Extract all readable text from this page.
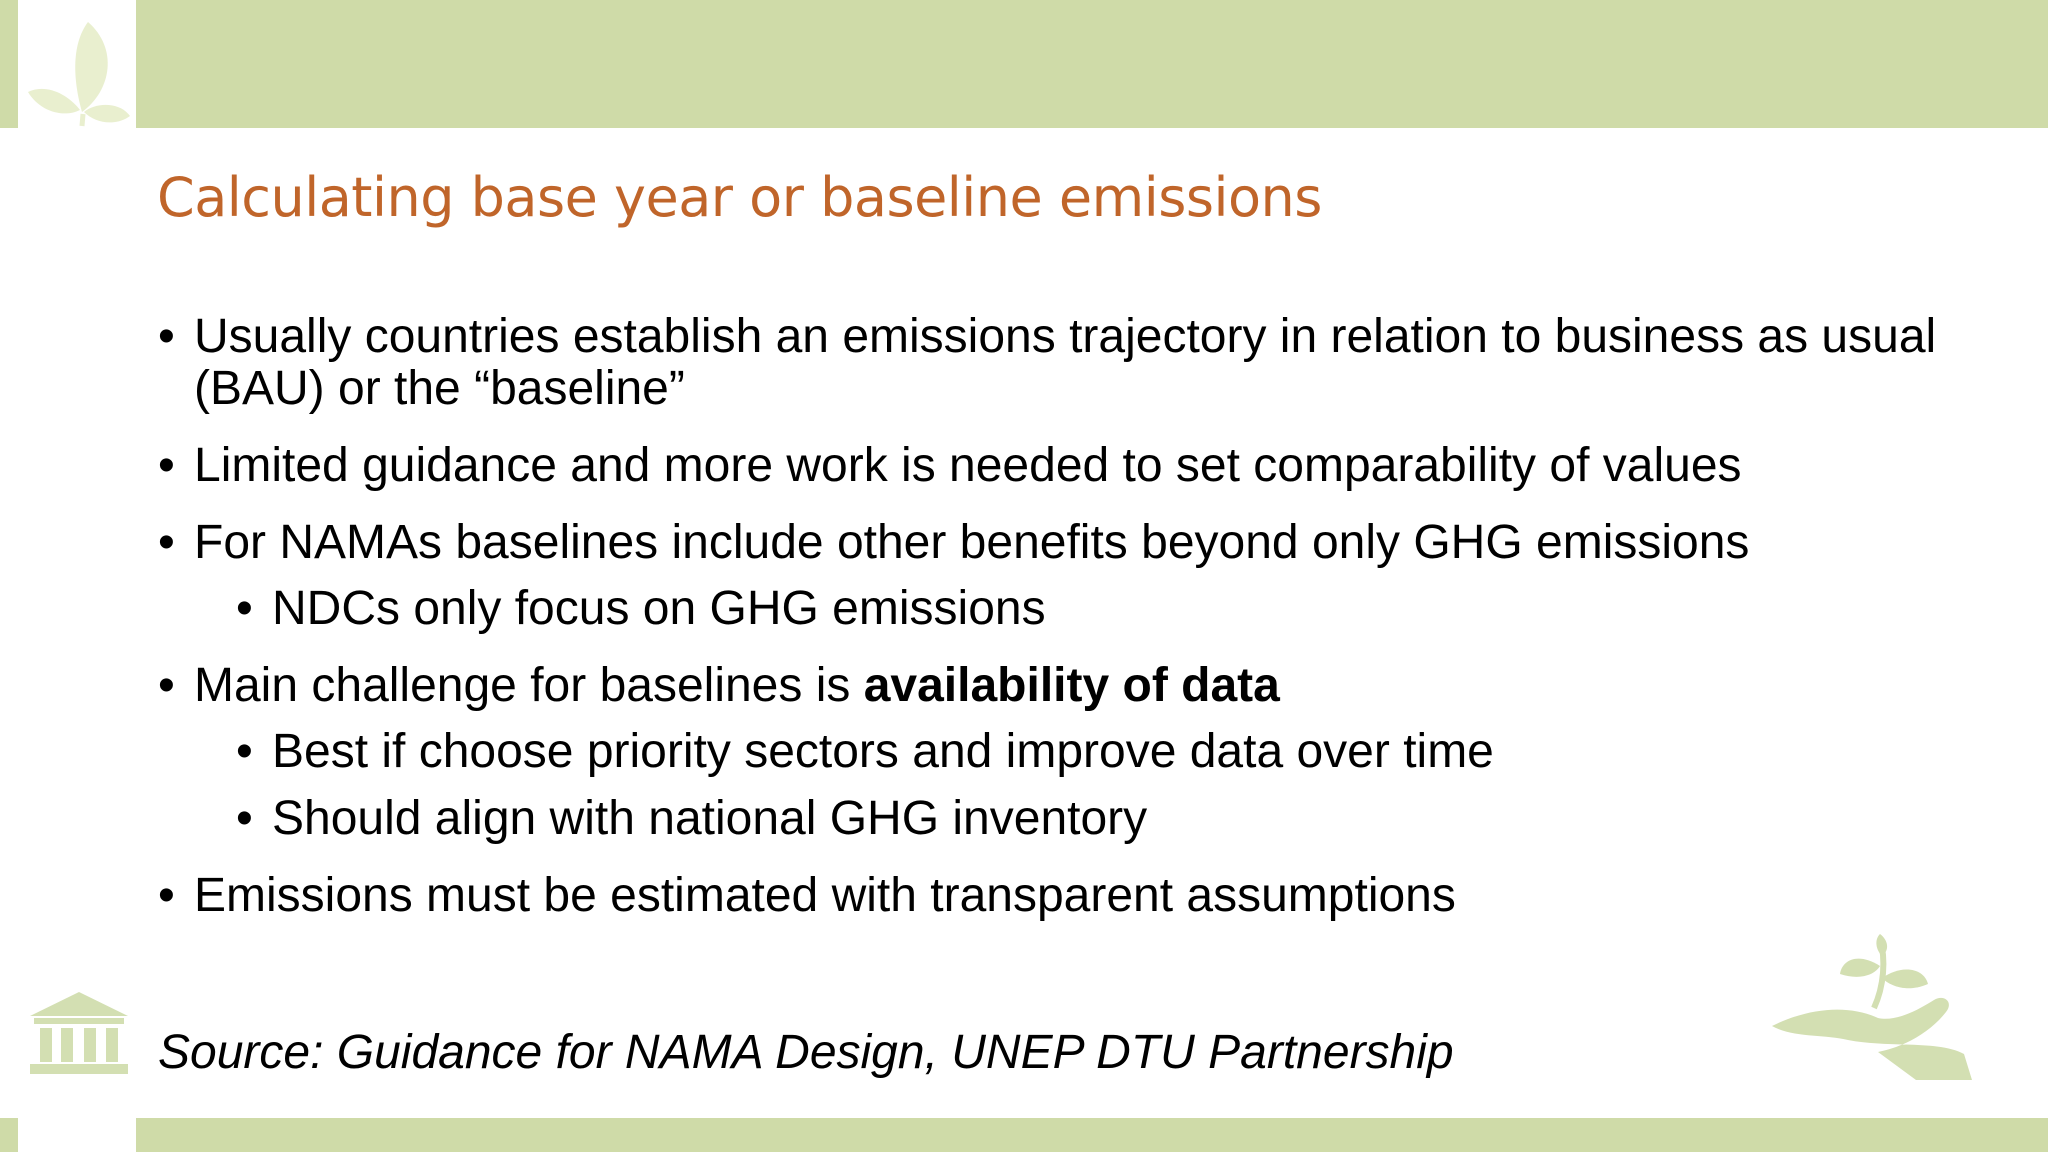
Calculating base year or baseline emissions
• Usually countries establish an emissions trajectory in relation to business as usual (BAU) or the “baseline”
• Limited guidance and more work is needed to set comparability of values
• For NAMAs baselines include other benefits beyond only GHG emissions
• NDCs only focus on GHG emissions
• Main challenge for baselines is availability of data
• Best if choose priority sectors and improve data over time
• Should align with national GHG inventory
• Emissions must be estimated with transparent assumptions

Source: Guidance for NAMA Design, UNEP DTU Partnership
